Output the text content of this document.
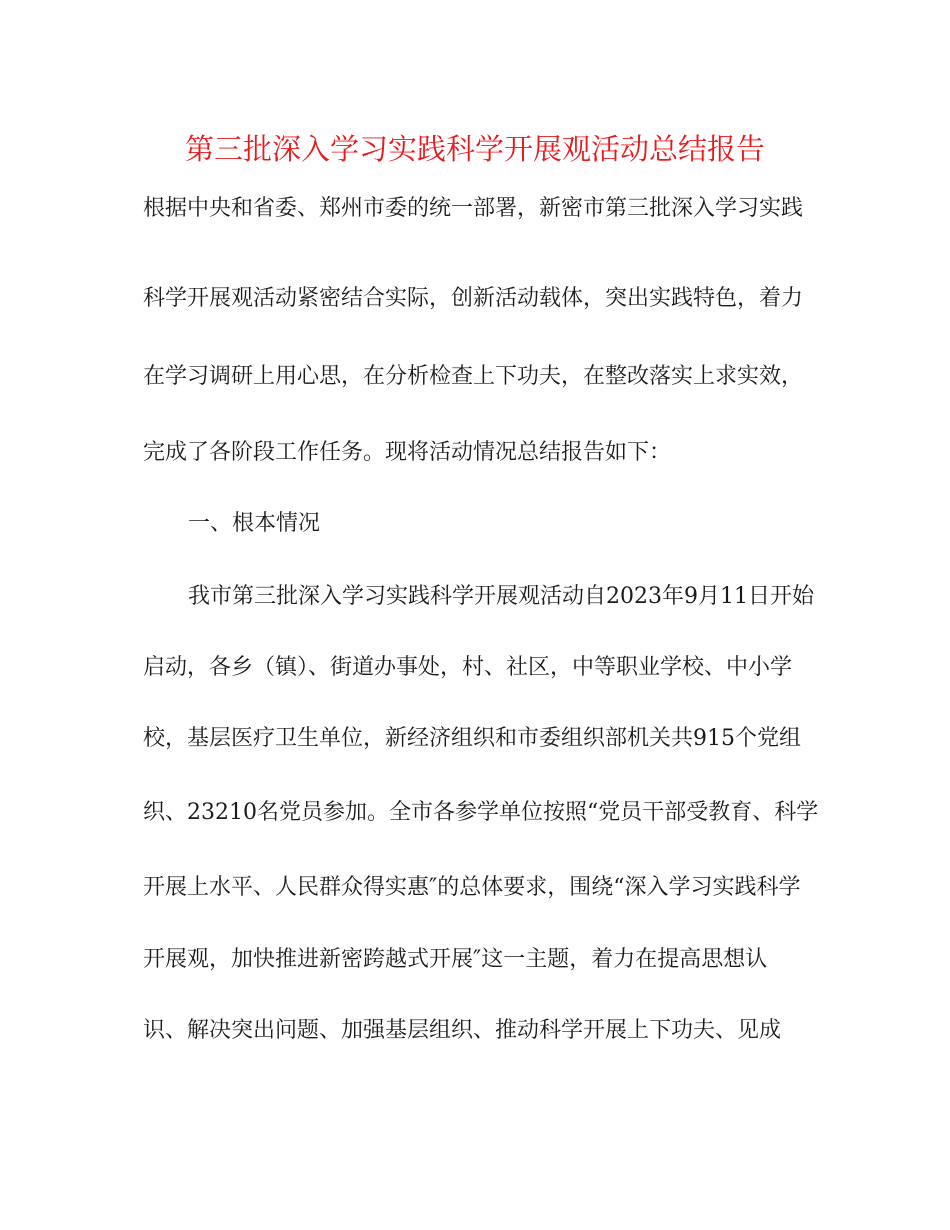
第三批深入学习实践科学开展观活动总结报告
根据中央和省委、郑州市委的统一部署，新密市第三批深入学习实践
科学开展观活动紧密结合实际，创新活动载体，突出实践特色，着力
在学习调研上用心思，在分析检查上下功夫，在整改落实上求实效，
完成了各阶段工作任务。现将活动情况总结报告如下：
一、根本情况
我市第三批深入学习实践科学开展观活动自2023年9月11日开始
启动，各乡（镇）、街道办事处，村、社区，中等职业学校、中小学
校，基层医疗卫生单位，新经济组织和市委组织部机关共915个党组
织、23210名党员参加。全市各参学单位按照“党员干部受教育、科学
开展上水平、人民群众得实惠″的总体要求，围绕“深入学习实践科学
开展观，加快推进新密跨越式开展″这一主题，着力在提高思想认
识、解决突出问题、加强基层组织、推动科学开展上下功夫、见成
